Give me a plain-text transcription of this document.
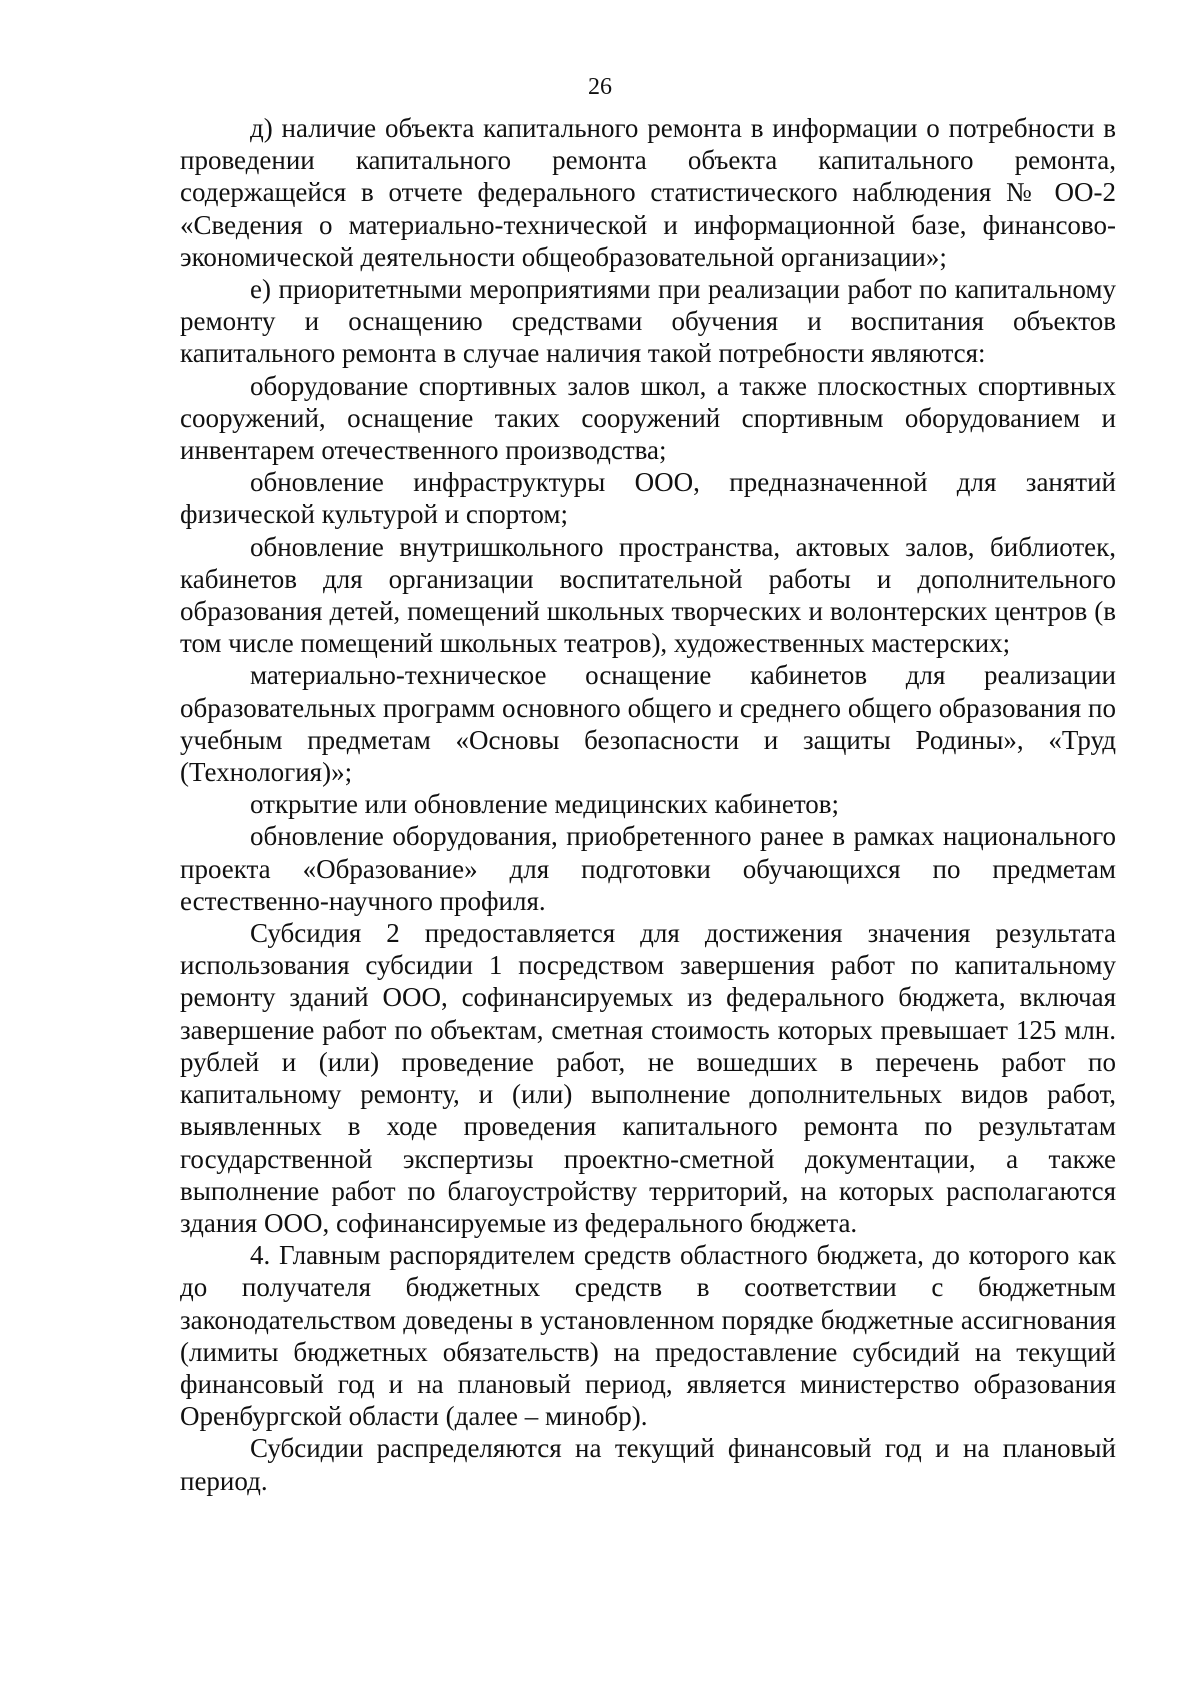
26

д) наличие объекта капитального ремонта в информации о потребности в проведении капитального ремонта объекта капитального ремонта, содержащейся в отчете федерального статистического наблюдения № ОО-2 «Сведения о материально-технической и информационной базе, финансово-экономической деятельности общеобразовательной организации»;

е) приоритетными мероприятиями при реализации работ по капитальному ремонту и оснащению средствами обучения и воспитания объектов капитального ремонта в случае наличия такой потребности являются:

оборудование спортивных залов школ, а также плоскостных спортивных сооружений, оснащение таких сооружений спортивным оборудованием и инвентарем отечественного производства;

обновление инфраструктуры ООО, предназначенной для занятий физической культурой и спортом;

обновление внутришкольного пространства, актовых залов, библиотек, кабинетов для организации воспитательной работы и дополнительного образования детей, помещений школьных творческих и волонтерских центров (в том числе помещений школьных театров), художественных мастерских;

материально-техническое оснащение кабинетов для реализации образовательных программ основного общего и среднего общего образования по учебным предметам «Основы безопасности и защиты Родины», «Труд (Технология)»;

открытие или обновление медицинских кабинетов;

обновление оборудования, приобретенного ранее в рамках национального проекта «Образование» для подготовки обучающихся по предметам естественно-научного профиля.

Субсидия 2 предоставляется для достижения значения результата использования субсидии 1 посредством завершения работ по капитальному ремонту зданий ООО, софинансируемых из федерального бюджета, включая завершение работ по объектам, сметная стоимость которых превышает 125 млн. рублей и (или) проведение работ, не вошедших в перечень работ по капитальному ремонту, и (или) выполнение дополнительных видов работ, выявленных в ходе проведения капитального ремонта по результатам государственной экспертизы проектно-сметной документации, а также выполнение работ по благоустройству территорий, на которых располагаются здания ООО, софинансируемые из федерального бюджета.

4. Главным распорядителем средств областного бюджета, до которого как до получателя бюджетных средств в соответствии с бюджетным законодательством доведены в установленном порядке бюджетные ассигнования (лимиты бюджетных обязательств) на предоставление субсидий на текущий финансовый год и на плановый период, является министерство образования Оренбургской области (далее – минобр).

Субсидии распределяются на текущий финансовый год и на плановый период.
